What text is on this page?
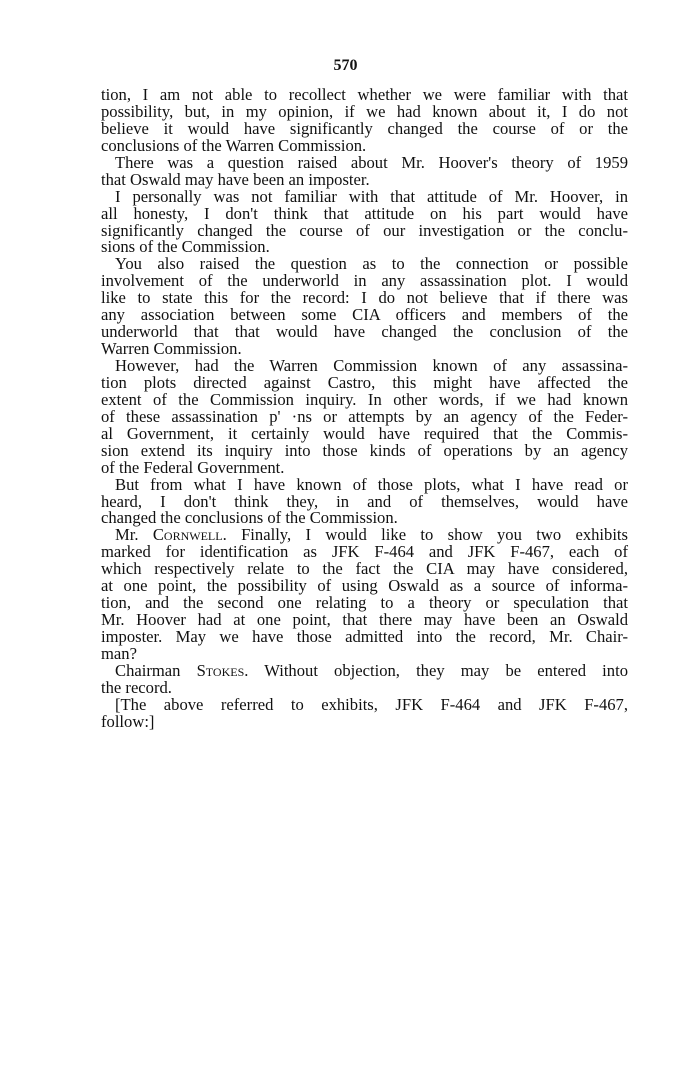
570
tion, I am not able to recollect whether we were familiar with that
possibility, but, in my opinion, if we had known about it, I do not
believe it would have significantly changed the course of or the
conclusions of the Warren Commission.
There was a question raised about Mr. Hoover's theory of 1959
that Oswald may have been an imposter.
I personally was not familiar with that attitude of Mr. Hoover, in
all honesty, I don't think that attitude on his part would have
significantly changed the course of our investigation or the conclu-
sions of the Commission.
You also raised the question as to the connection or possible
involvement of the underworld in any assassination plot. I would
like to state this for the record: I do not believe that if there was
any association between some CIA officers and members of the
underworld that that would have changed the conclusion of the
Warren Commission.
However, had the Warren Commission known of any assassina-
tion plots directed against Castro, this might have affected the
extent of the Commission inquiry. In other words, if we had known
of these assassination p' ·ns or attempts by an agency of the Feder-
al Government, it certainly would have required that the Commis-
sion extend its inquiry into those kinds of operations by an agency
of the Federal Government.
But from what I have known of those plots, what I have read or
heard, I don't think they, in and of themselves, would have
changed the conclusions of the Commission.
Mr. Cornwell. Finally, I would like to show you two exhibits
marked for identification as JFK F-464 and JFK F-467, each of
which respectively relate to the fact the CIA may have considered,
at one point, the possibility of using Oswald as a source of informa-
tion, and the second one relating to a theory or speculation that
Mr. Hoover had at one point, that there may have been an Oswald
imposter. May we have those admitted into the record, Mr. Chair-
man?
Chairman Stokes. Without objection, they may be entered into
the record.
[The above referred to exhibits, JFK F-464 and JFK F-467,
follow:]
